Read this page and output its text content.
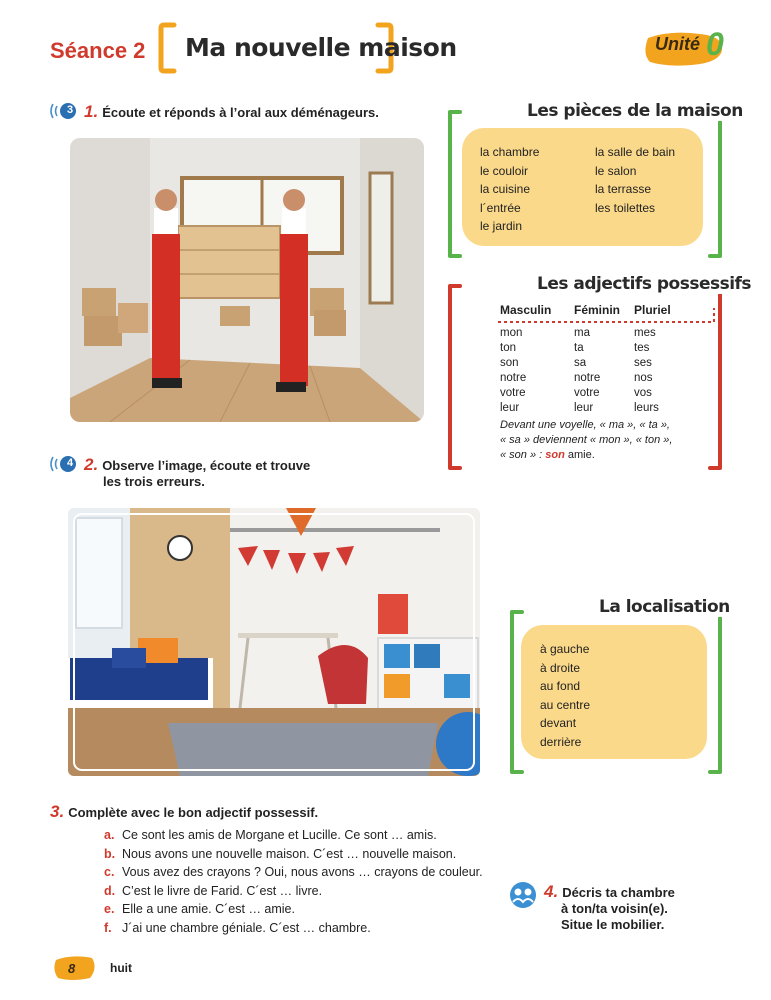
Séance 2 Ma nouvelle maison	Unité 0
3 1. Écoute et réponds à l’oral aux déménageurs.
4 2. Observe l’image, écoute et trouve
les trois erreurs.
Les pièces de la maison
la chambre
le couloir
la cuisine
l´entrée
le jardin
la salle de bain
le salon
la terrasse
les toilettes
Les adjectifs possessifs
Masculin Féminin Pluriel
mon
ton
son
notre
votre
leur
ma
ta
sa
notre
votre
leur
mes
tes
ses
nos
vos
leurs
Devant une voyelle, « ma », « ta »,
« sa » deviennent « mon », « ton »,
« son » : son amie.
La localisation
à gauche
à droite
au fond
au centre
devant
derrière
3. Complète avec le bon adjectif possessif.
a. Ce sont les amis de Morgane et Lucille. Ce sont … amis.
b. Nous avons une nouvelle maison. C´est … nouvelle maison.
c. Vous avez des crayons ? Oui, nous avons … crayons de couleur.
d. C’est le livre de Farid. C´est … livre.
e. Elle a une amie. C´est … amie.
f. J´ai une chambre géniale. C´est … chambre.
4. Décris ta chambre
à ton/ta voisin(e).
Situe le mobilier.
8	huit
